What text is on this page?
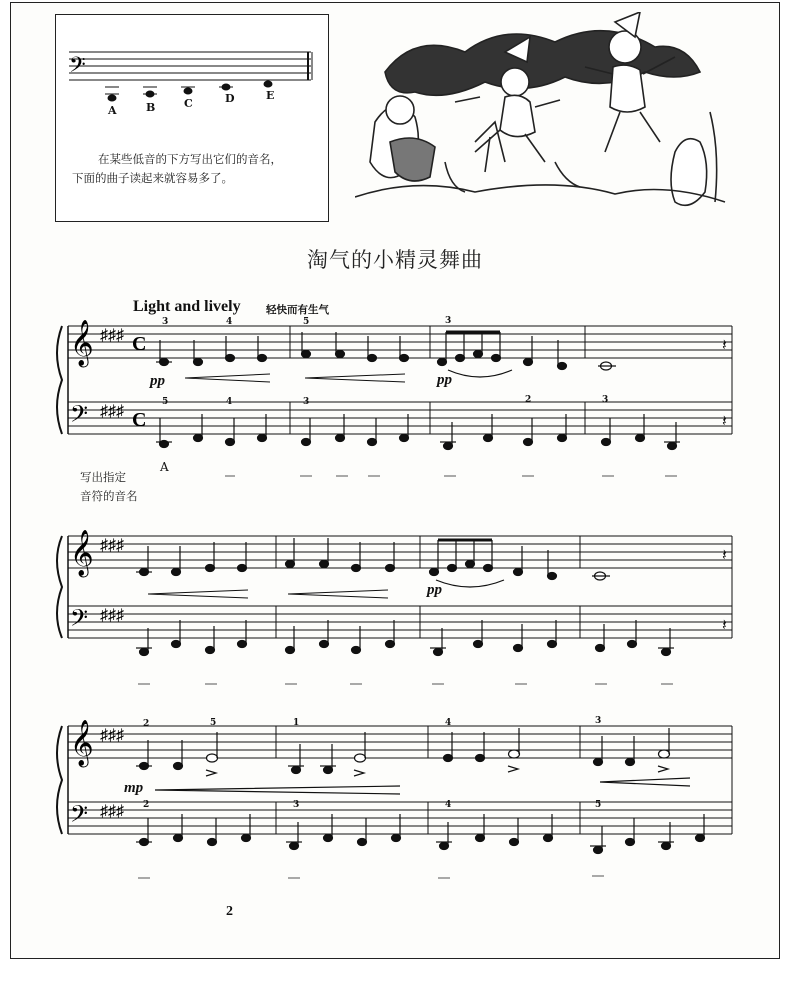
𝄢
A	B	C	D	E
在某些低音的下方写出它们的音名，
下面的曲子读起来就容易多了。
淘气的小精灵舞曲
Light and lively 轻快而有生气
𝄞
𝄢
♯♯♯
♯♯♯
C
C
𝄽
𝄽
3	4	5	3
5	4	3	2	3
pp	pp
A
写出指定
音符的音名
𝄞
𝄢
♯♯♯
♯♯♯
𝄽
𝄽
pp
𝄞
𝄢
♯♯♯
♯♯♯
2	5	1	4	3
2	3	4	5
mp
2
